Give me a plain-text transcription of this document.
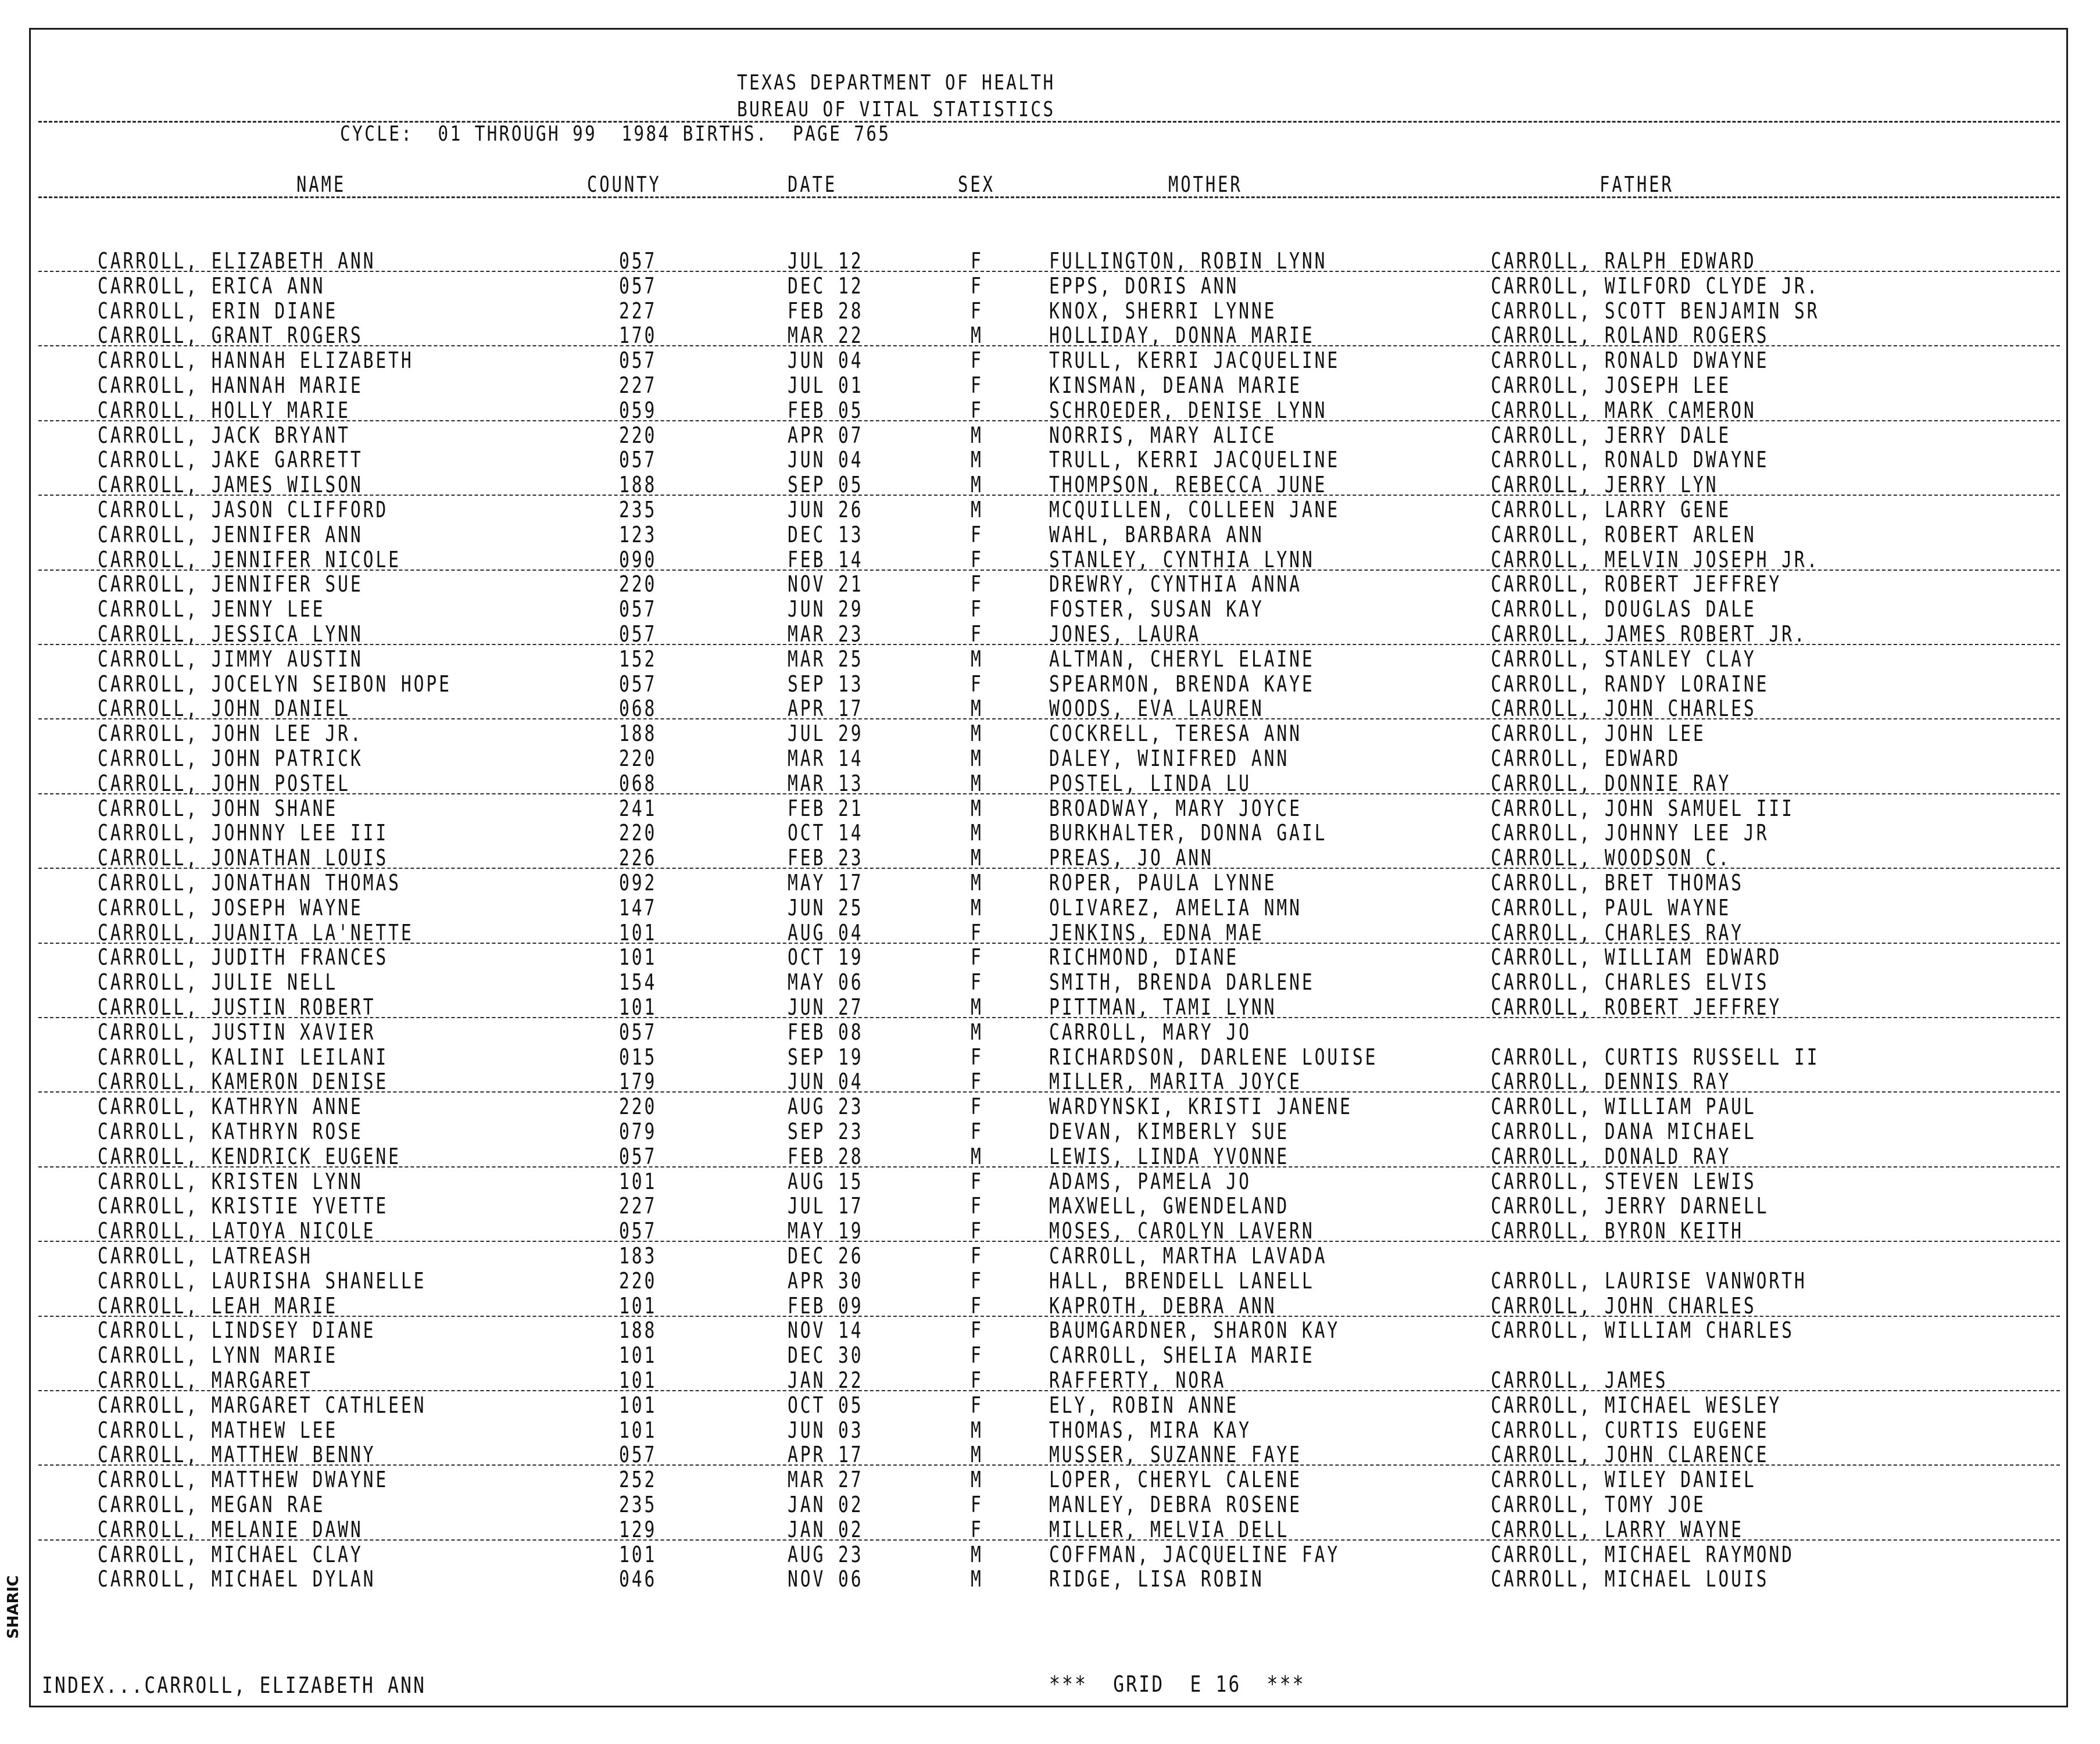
TEXAS DEPARTMENT OF HEALTH
BUREAU OF VITAL STATISTICS
CYCLE:  01 THROUGH 99  1984 BIRTHS.  PAGE 765
NAME	COUNTY	DATE	SEX	MOTHER	FATHER
CARROLL, ELIZABETH ANN	057	JUL 12	F	FULLINGTON, ROBIN LYNN	CARROLL, RALPH EDWARD
CARROLL, ERICA ANN	057	DEC 12	F	EPPS, DORIS ANN	CARROLL, WILFORD CLYDE JR.
CARROLL, ERIN DIANE	227	FEB 28	F	KNOX, SHERRI LYNNE	CARROLL, SCOTT BENJAMIN SR
CARROLL, GRANT ROGERS	170	MAR 22	M	HOLLIDAY, DONNA MARIE	CARROLL, ROLAND ROGERS
CARROLL, HANNAH ELIZABETH	057	JUN 04	F	TRULL, KERRI JACQUELINE	CARROLL, RONALD DWAYNE
CARROLL, HANNAH MARIE	227	JUL 01	F	KINSMAN, DEANA MARIE	CARROLL, JOSEPH LEE
CARROLL, HOLLY MARIE	059	FEB 05	F	SCHROEDER, DENISE LYNN	CARROLL, MARK CAMERON
CARROLL, JACK BRYANT	220	APR 07	M	NORRIS, MARY ALICE	CARROLL, JERRY DALE
CARROLL, JAKE GARRETT	057	JUN 04	M	TRULL, KERRI JACQUELINE	CARROLL, RONALD DWAYNE
CARROLL, JAMES WILSON	188	SEP 05	M	THOMPSON, REBECCA JUNE	CARROLL, JERRY LYN
CARROLL, JASON CLIFFORD	235	JUN 26	M	MCQUILLEN, COLLEEN JANE	CARROLL, LARRY GENE
CARROLL, JENNIFER ANN	123	DEC 13	F	WAHL, BARBARA ANN	CARROLL, ROBERT ARLEN
CARROLL, JENNIFER NICOLE	090	FEB 14	F	STANLEY, CYNTHIA LYNN	CARROLL, MELVIN JOSEPH JR.
CARROLL, JENNIFER SUE	220	NOV 21	F	DREWRY, CYNTHIA ANNA	CARROLL, ROBERT JEFFREY
CARROLL, JENNY LEE	057	JUN 29	F	FOSTER, SUSAN KAY	CARROLL, DOUGLAS DALE
CARROLL, JESSICA LYNN	057	MAR 23	F	JONES, LAURA	CARROLL, JAMES ROBERT JR.
CARROLL, JIMMY AUSTIN	152	MAR 25	M	ALTMAN, CHERYL ELAINE	CARROLL, STANLEY CLAY
CARROLL, JOCELYN SEIBON HOPE	057	SEP 13	F	SPEARMON, BRENDA KAYE	CARROLL, RANDY LORAINE
CARROLL, JOHN DANIEL	068	APR 17	M	WOODS, EVA LAUREN	CARROLL, JOHN CHARLES
CARROLL, JOHN LEE JR.	188	JUL 29	M	COCKRELL, TERESA ANN	CARROLL, JOHN LEE
CARROLL, JOHN PATRICK	220	MAR 14	M	DALEY, WINIFRED ANN	CARROLL, EDWARD
CARROLL, JOHN POSTEL	068	MAR 13	M	POSTEL, LINDA LU	CARROLL, DONNIE RAY
CARROLL, JOHN SHANE	241	FEB 21	M	BROADWAY, MARY JOYCE	CARROLL, JOHN SAMUEL III
CARROLL, JOHNNY LEE III	220	OCT 14	M	BURKHALTER, DONNA GAIL	CARROLL, JOHNNY LEE JR
CARROLL, JONATHAN LOUIS	226	FEB 23	M	PREAS, JO ANN	CARROLL, WOODSON C.
CARROLL, JONATHAN THOMAS	092	MAY 17	M	ROPER, PAULA LYNNE	CARROLL, BRET THOMAS
CARROLL, JOSEPH WAYNE	147	JUN 25	M	OLIVAREZ, AMELIA NMN	CARROLL, PAUL WAYNE
CARROLL, JUANITA LA'NETTE	101	AUG 04	F	JENKINS, EDNA MAE	CARROLL, CHARLES RAY
CARROLL, JUDITH FRANCES	101	OCT 19	F	RICHMOND, DIANE	CARROLL, WILLIAM EDWARD
CARROLL, JULIE NELL	154	MAY 06	F	SMITH, BRENDA DARLENE	CARROLL, CHARLES ELVIS
CARROLL, JUSTIN ROBERT	101	JUN 27	M	PITTMAN, TAMI LYNN	CARROLL, ROBERT JEFFREY
CARROLL, JUSTIN XAVIER	057	FEB 08	M	CARROLL, MARY JO
CARROLL, KALINI LEILANI	015	SEP 19	F	RICHARDSON, DARLENE LOUISE	CARROLL, CURTIS RUSSELL II
CARROLL, KAMERON DENISE	179	JUN 04	F	MILLER, MARITA JOYCE	CARROLL, DENNIS RAY
CARROLL, KATHRYN ANNE	220	AUG 23	F	WARDYNSKI, KRISTI JANENE	CARROLL, WILLIAM PAUL
CARROLL, KATHRYN ROSE	079	SEP 23	F	DEVAN, KIMBERLY SUE	CARROLL, DANA MICHAEL
CARROLL, KENDRICK EUGENE	057	FEB 28	M	LEWIS, LINDA YVONNE	CARROLL, DONALD RAY
CARROLL, KRISTEN LYNN	101	AUG 15	F	ADAMS, PAMELA JO	CARROLL, STEVEN LEWIS
CARROLL, KRISTIE YVETTE	227	JUL 17	F	MAXWELL, GWENDELAND	CARROLL, JERRY DARNELL
CARROLL, LATOYA NICOLE	057	MAY 19	F	MOSES, CAROLYN LAVERN	CARROLL, BYRON KEITH
CARROLL, LATREASH	183	DEC 26	F	CARROLL, MARTHA LAVADA
CARROLL, LAURISHA SHANELLE	220	APR 30	F	HALL, BRENDELL LANELL	CARROLL, LAURISE VANWORTH
CARROLL, LEAH MARIE	101	FEB 09	F	KAPROTH, DEBRA ANN	CARROLL, JOHN CHARLES
CARROLL, LINDSEY DIANE	188	NOV 14	F	BAUMGARDNER, SHARON KAY	CARROLL, WILLIAM CHARLES
CARROLL, LYNN MARIE	101	DEC 30	F	CARROLL, SHELIA MARIE
CARROLL, MARGARET	101	JAN 22	F	RAFFERTY, NORA	CARROLL, JAMES
CARROLL, MARGARET CATHLEEN	101	OCT 05	F	ELY, ROBIN ANNE	CARROLL, MICHAEL WESLEY
CARROLL, MATHEW LEE	101	JUN 03	M	THOMAS, MIRA KAY	CARROLL, CURTIS EUGENE
CARROLL, MATTHEW BENNY	057	APR 17	M	MUSSER, SUZANNE FAYE	CARROLL, JOHN CLARENCE
CARROLL, MATTHEW DWAYNE	252	MAR 27	M	LOPER, CHERYL CALENE	CARROLL, WILEY DANIEL
CARROLL, MEGAN RAE	235	JAN 02	F	MANLEY, DEBRA ROSENE	CARROLL, TOMY JOE
CARROLL, MELANIE DAWN	129	JAN 02	F	MILLER, MELVIA DELL	CARROLL, LARRY WAYNE
CARROLL, MICHAEL CLAY	101	AUG 23	M	COFFMAN, JACQUELINE FAY	CARROLL, MICHAEL RAYMOND
CARROLL, MICHAEL DYLAN	046	NOV 06	M	RIDGE, LISA ROBIN	CARROLL, MICHAEL LOUIS
INDEX...CARROLL, ELIZABETH ANN	***  GRID  E 16  ***
SHARIC
